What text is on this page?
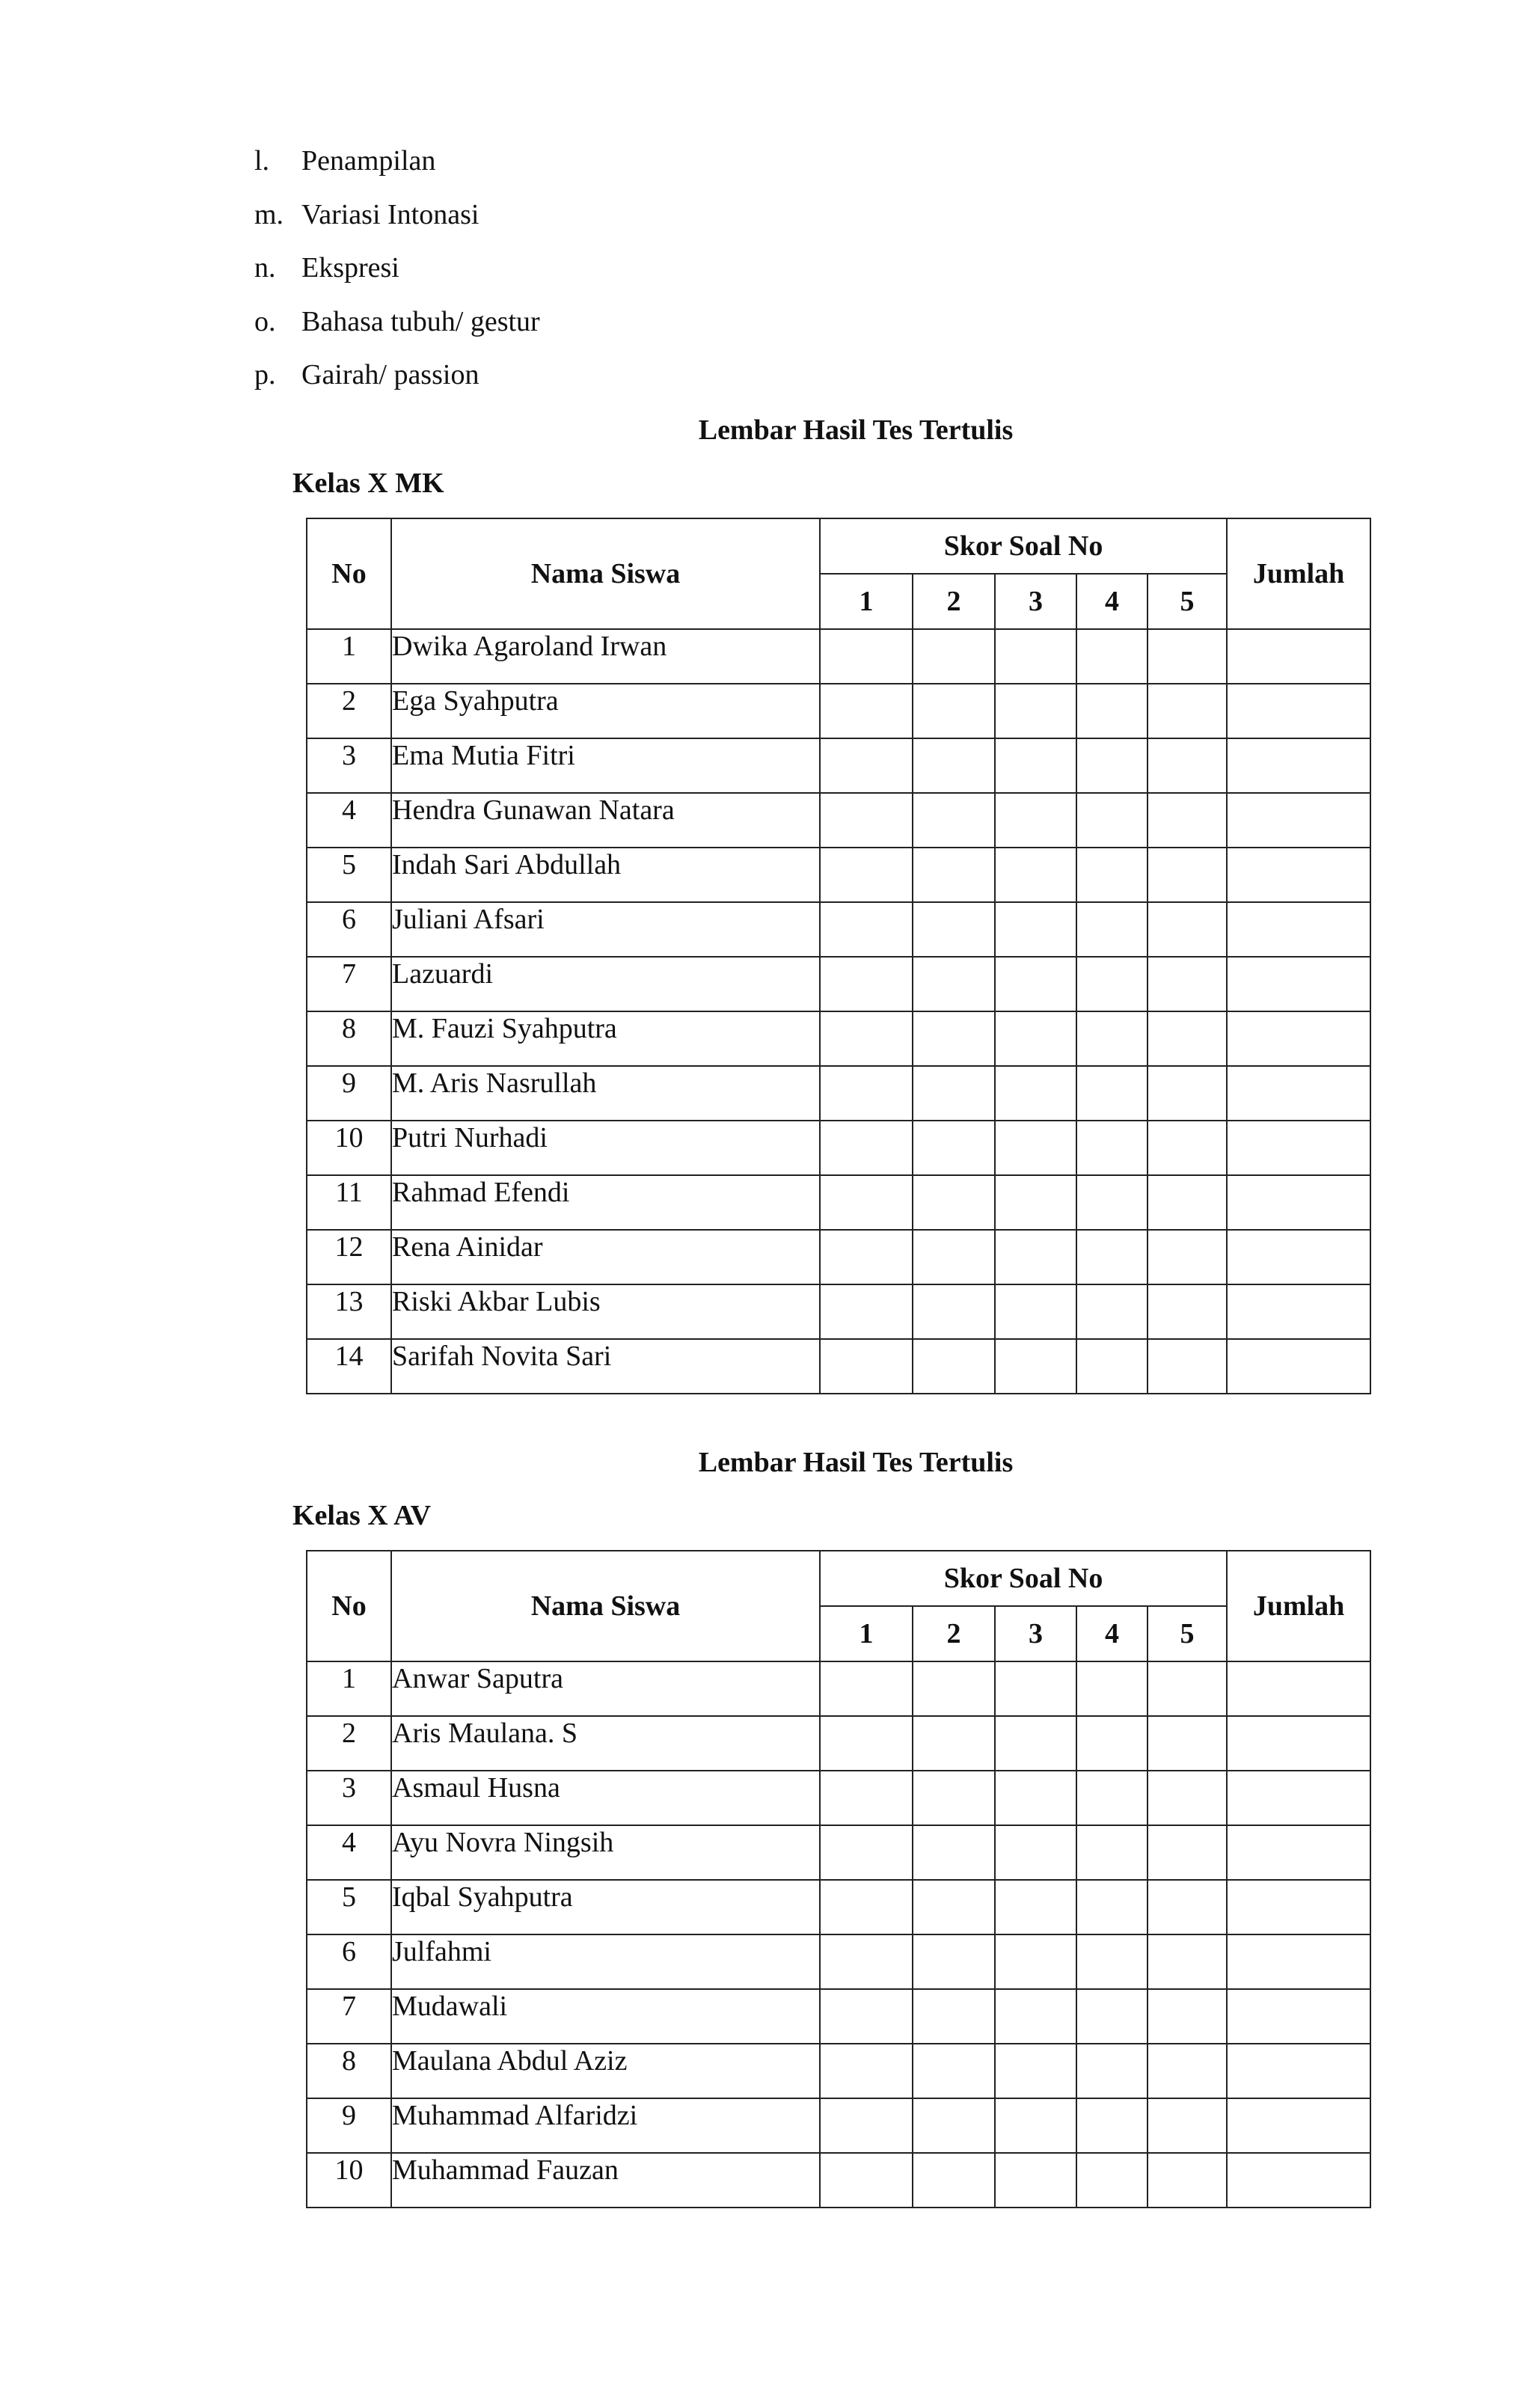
l.	Penampilan
m. Variasi Intonasi
n. Ekspresi
o. Bahasa tubuh/ gestur
p. Gairah/ passion
Lembar Hasil Tes Tertulis
Kelas X MK
No	Nama Siswa	Skor Soal No					Jumlah
		1	2	3	4	5	
1	Dwika Agaroland Irwan						
2	Ega Syahputra						
3	Ema Mutia Fitri						
4	Hendra Gunawan Natara						
5	Indah Sari Abdullah						
6	Juliani Afsari						
7	Lazuardi						
8	M. Fauzi Syahputra						
9	M. Aris Nasrullah						
10	Putri Nurhadi						
11	Rahmad Efendi						
12	Rena Ainidar						
13	Riski Akbar Lubis						
14	Sarifah Novita Sari						
Lembar Hasil Tes Tertulis
Kelas X AV
No	Nama Siswa	Skor Soal No					Jumlah
		1	2	3	4	5	
1	Anwar Saputra						
2	Aris Maulana. S						
3	Asmaul Husna						
4	Ayu Novra Ningsih						
5	Iqbal Syahputra						
6	Julfahmi						
7	Mudawali						
8	Maulana Abdul Aziz						
9	Muhammad Alfaridzi						
10	Muhammad Fauzan						
